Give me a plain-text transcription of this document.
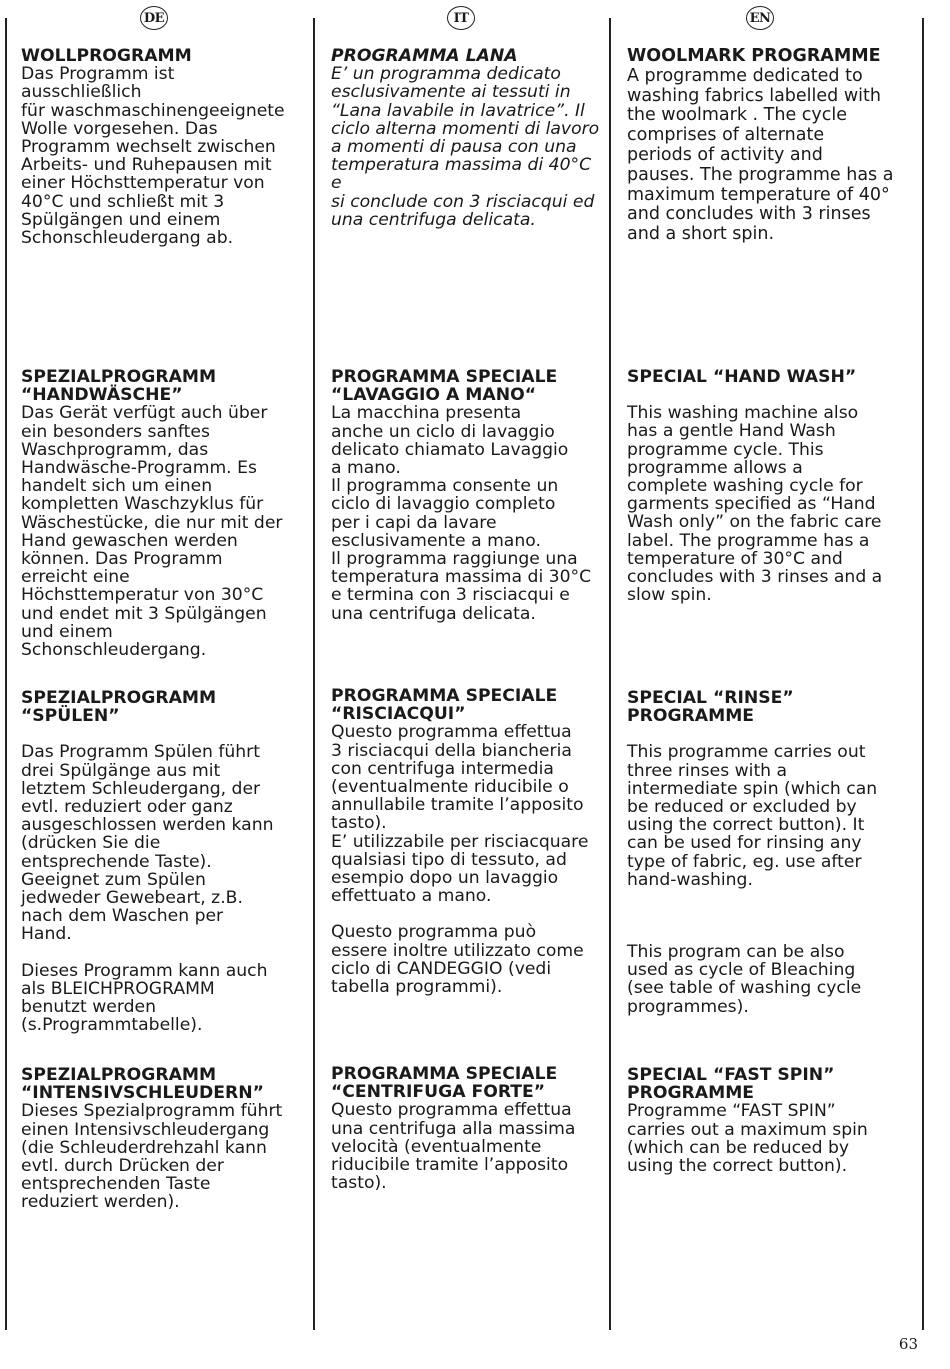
DE	IT	EN
WOLLPROGRAMM
Das Programm ist ausschließlich
für waschmaschinengeeignete
Wolle vorgesehen. Das
Programm wechselt zwischen
Arbeits- und Ruhepausen mit
einer Höchsttemperatur von
40°C und schließt mit 3
Spülgängen und einem
Schonschleudergang ab.
SPEZIALPROGRAMM
“HANDWÄSCHE”
Das Gerät verfügt auch über
ein besonders sanftes
Waschprogramm, das
Handwäsche-Programm. Es
handelt sich um einen
kompletten Waschzyklus für
Wäschestücke, die nur mit der
Hand gewaschen werden
können. Das Programm
erreicht eine
Höchsttemperatur von 30°C
und endet mit 3 Spülgängen
und einem
Schonschleudergang.
SPEZIALPROGRAMM “SPÜLEN”
Das Programm Spülen führt
drei Spülgänge aus mit
letztem Schleudergang, der
evtl. reduziert oder ganz
ausgeschlossen werden kann
(drücken Sie die
entsprechende Taste).
Geeignet zum Spülen
jedweder Gewebeart, z.B.
nach dem Waschen per
Hand.
Dieses Programm kann auch
als BLEICHPROGRAMM
benutzt werden
(s.Programmtabelle).
SPEZIALPROGRAMM
“INTENSIVSCHLEUDERN”
Dieses Spezialprogramm führt
einen Intensivschleudergang
(die Schleuderdrehzahl kann
evtl. durch Drücken der
entsprechenden Taste
reduziert werden).
PROGRAMMA LANA
E’ un programma dedicato
esclusivamente ai tessuti in
“Lana lavabile in lavatrice”. Il
ciclo alterna momenti di lavoro
a momenti di pausa con una
temperatura massima di 40°C e
si conclude con 3 risciacqui ed
una centrifuga delicata.
PROGRAMMA SPECIALE
“LAVAGGIO A MANO“
La macchina presenta
anche un ciclo di lavaggio
delicato chiamato Lavaggio
a mano.
Il programma consente un
ciclo di lavaggio completo
per i capi da lavare
esclusivamente a mano.
Il programma raggiunge una
temperatura massima di 30°C
e termina con 3 risciacqui e
una centrifuga delicata.
PROGRAMMA SPECIALE
“RISCIACQUI”
Questo programma effettua
3 risciacqui della biancheria
con centrifuga intermedia
(eventualmente riducibile o
annullabile tramite l’apposito
tasto).
E’ utilizzabile per risciacquare
qualsiasi tipo di tessuto, ad
esempio dopo un lavaggio
effettuato a mano.
Questo programma può
essere inoltre utilizzato come
ciclo di CANDEGGIO (vedi
tabella programmi).
PROGRAMMA SPECIALE
“CENTRIFUGA FORTE”
Questo programma effettua
una centrifuga alla massima
velocità (eventualmente
riducibile tramite l’apposito
tasto).
WOOLMARK PROGRAMME
A programme dedicated to
washing fabrics labelled with
the woolmark . The cycle
comprises of alternate
periods of activity and
pauses. The programme has a
maximum temperature of 40°
and concludes with 3 rinses
and a short spin.
SPECIAL “HAND WASH”
This washing machine also
has a gentle Hand Wash
programme cycle. This
programme allows a
complete washing cycle for
garments specified as “Hand
Wash only” on the fabric care
label. The programme has a
temperature of 30°C and
concludes with 3 rinses and a
slow spin.
SPECIAL “RINSE” PROGRAMME
This programme carries out
three rinses with a
intermediate spin (which can
be reduced or excluded by
using the correct button). It
can be used for rinsing any
type of fabric, eg. use after
hand-washing.
This program can be also
used as cycle of Bleaching
(see table of washing cycle
programmes).
SPECIAL “FAST SPIN”
PROGRAMME
Programme “FAST SPIN”
carries out a maximum spin
(which can be reduced by
using the correct button).
63
